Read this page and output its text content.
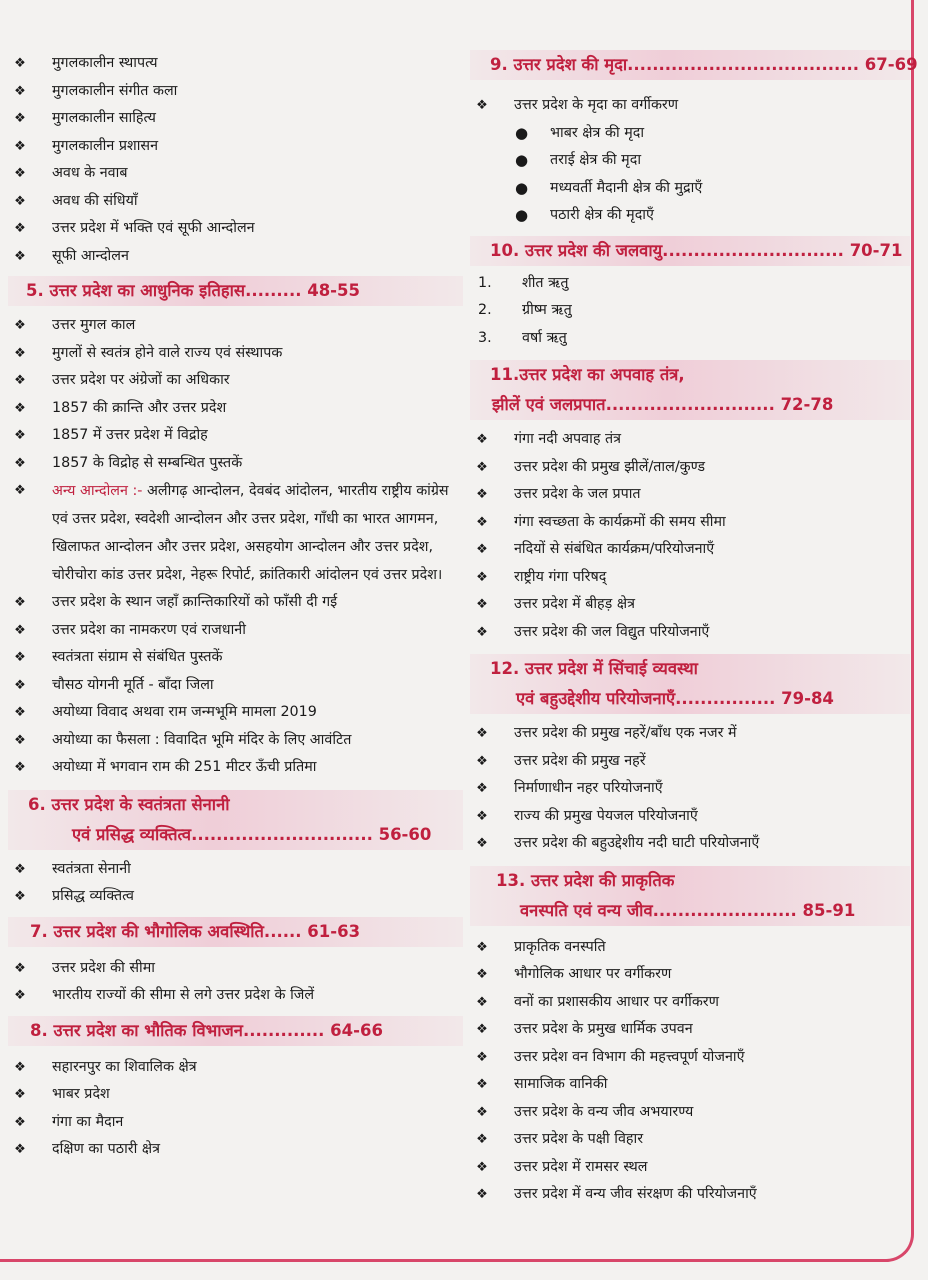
❖	मुगलकालीन स्थापत्य
❖	मुगलकालीन संगीत कला
❖	मुगलकालीन साहित्य
❖	मुगलकालीन प्रशासन
❖	अवध के नवाब
❖	अवध की संधियाँ
❖	उत्तर प्रदेश में भक्ति एवं सूफी आन्दोलन
❖	सूफी आन्दोलन
5. उत्तर प्रदेश का आधुनिक इतिहास......... 48-55
❖	उत्तर मुगल काल
❖	मुगलों से स्वतंत्र होने वाले राज्य एवं संस्थापक
❖	उत्तर प्रदेश पर अंग्रेजों का अधिकार
❖	1857 की क्रान्ति और उत्तर प्रदेश
❖	1857 में उत्तर प्रदेश में विद्रोह
❖	1857 के विद्रोह से सम्बन्धित पुस्तकें
❖	अन्य आन्दोलन :- अलीगढ़ आन्दोलन, देवबंद आंदोलन, भारतीय राष्ट्रीय कांग्रेस एवं उत्तर प्रदेश, स्वदेशी आन्दोलन और उत्तर प्रदेश, गाँधी का भारत आगमन, खिलाफत आन्दोलन और उत्तर प्रदेश, असहयोग आन्दोलन और उत्तर प्रदेश, चोरीचोरा कांड उत्तर प्रदेश, नेहरू रिपोर्ट, क्रांतिकारी आंदोलन एवं उत्तर प्रदेश।
❖	उत्तर प्रदेश के स्थान जहाँ क्रान्तिकारियों को फाँसी दी गई
❖	उत्तर प्रदेश का नामकरण एवं राजधानी
❖	स्वतंत्रता संग्राम से संबंधित पुस्तकें
❖	चौसठ योगनी मूर्ति - बाँदा जिला
❖	अयोध्या विवाद अथवा राम जन्मभूमि मामला 2019
❖	अयोध्या का फैसला : विवादित भूमि मंदिर के लिए आवंटित
❖	अयोध्या में भगवान राम की 251 मीटर ऊँची प्रतिमा
6. उत्तर प्रदेश के स्वतंत्रता सेनानी
एवं प्रसिद्ध व्यक्तित्व............................. 56-60
❖	स्वतंत्रता सेनानी
❖	प्रसिद्ध व्यक्तित्व
7. उत्तर प्रदेश की भौगोलिक अवस्थिति...... 61-63
❖	उत्तर प्रदेश की सीमा
❖	भारतीय राज्यों की सीमा से लगे उत्तर प्रदेश के जिलें
8. उत्तर प्रदेश का भौतिक विभाजन............. 64-66
❖	सहारनपुर का शिवालिक क्षेत्र
❖	भाबर प्रदेश
❖	गंगा का मैदान
❖	दक्षिण का पठारी क्षेत्र
9. उत्तर प्रदेश की मृदा..................................... 67-69
❖	उत्तर प्रदेश के मृदा का वर्गीकरण
● भाबर क्षेत्र की मृदा
● तराई क्षेत्र की मृदा
● मध्यवर्ती मैदानी क्षेत्र की मुद्राएँ
● पठारी क्षेत्र की मृदाएँ
10. उत्तर प्रदेश की जलवायु............................. 70-71
1. शीत ऋतु
2. ग्रीष्म ऋतु
3. वर्षा ऋतु
11.उत्तर प्रदेश का अपवाह तंत्र,
झीलें एवं जलप्रपात........................... 72-78
❖	गंगा नदी अपवाह तंत्र
❖	उत्तर प्रदेश की प्रमुख झीलें/ताल/कुण्ड
❖	उत्तर प्रदेश के जल प्रपात
❖	गंगा स्वच्छता के कार्यक्रमों की समय सीमा
❖	नदियों से संबंधित कार्यक्रम/परियोजनाएँ
❖	राष्ट्रीय गंगा परिषद्
❖	उत्तर प्रदेश में बीहड़ क्षेत्र
❖	उत्तर प्रदेश की जल विद्युत परियोजनाएँ
12. उत्तर प्रदेश में सिंचाई व्यवस्था
एवं बहुउद्देशीय परियोजनाएँ................ 79-84
❖	उत्तर प्रदेश की प्रमुख नहरें/बाँध एक नजर में
❖	उत्तर प्रदेश की प्रमुख नहरें
❖	निर्माणाधीन नहर परियोजनाएँ
❖	राज्य की प्रमुख पेयजल परियोजनाएँ
❖	उत्तर प्रदेश की बहुउद्देशीय नदी घाटी परियोजनाएँ
13. उत्तर प्रदेश की प्राकृतिक
वनस्पति एवं वन्य जीव....................... 85-91
❖	प्राकृतिक वनस्पति
❖	भौगोलिक आधार पर वर्गीकरण
❖	वनों का प्रशासकीय आधार पर वर्गीकरण
❖	उत्तर प्रदेश के प्रमुख धार्मिक उपवन
❖	उत्तर प्रदेश वन विभाग की महत्त्वपूर्ण योजनाएँ
❖	सामाजिक वानिकी
❖	उत्तर प्रदेश के वन्य जीव अभयारण्य
❖	उत्तर प्रदेश के पक्षी विहार
❖	उत्तर प्रदेश में रामसर स्थल
❖	उत्तर प्रदेश में वन्य जीव संरक्षण की परियोजनाएँ
